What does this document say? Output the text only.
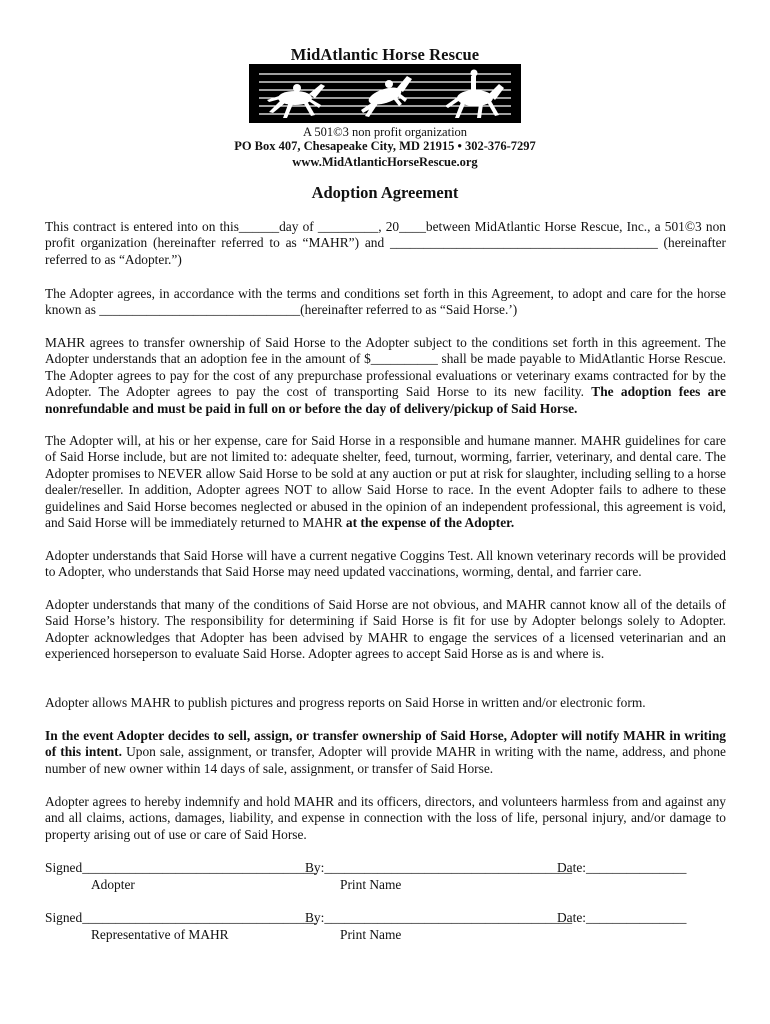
MidAtlantic Horse Rescue
A 501©3 non profit organization
PO Box 407, Chesapeake City, MD 21915 • 302-376-7297
www.MidAtlanticHorseRescue.org
Adoption Agreement

This contract is entered into on this______day of _________, 20____between MidAtlantic Horse Rescue, Inc., a 501©3 non profit organization (hereinafter referred to as “MAHR”) and ________________________________________ (hereinafter referred to as “Adopter.”)

The Adopter agrees, in accordance with the terms and conditions set forth in this Agreement, to adopt and care for the horse known as ______________________________(hereinafter referred to as “Said Horse.’)

MAHR agrees to transfer ownership of Said Horse to the Adopter subject to the conditions set forth in this agreement. The Adopter understands that an adoption fee in the amount of $__________ shall be made payable to MidAtlantic Horse Rescue. The Adopter agrees to pay for the cost of any prepurchase professional evaluations or veterinary exams contracted for by the Adopter. The Adopter agrees to pay the cost of transporting Said Horse to its new facility. The adoption fees are nonrefundable and must be paid in full on or before the day of delivery/pickup of Said Horse.

The Adopter will, at his or her expense, care for Said Horse in a responsible and humane manner. MAHR guidelines for care of Said Horse include, but are not limited to: adequate shelter, feed, turnout, worming, farrier, veterinary, and dental care. The Adopter promises to NEVER allow Said Horse to be sold at any auction or put at risk for slaughter, including selling to a horse dealer/reseller. In addition, Adopter agrees NOT to allow Said Horse to race. In the event Adopter fails to adhere to these guidelines and Said Horse becomes neglected or abused in the opinion of an independent professional, this agreement is void, and Said Horse will be immediately returned to MAHR at the expense of the Adopter.

Adopter understands that Said Horse will have a current negative Coggins Test. All known veterinary records will be provided to Adopter, who understands that Said Horse may need updated vaccinations, worming, dental, and farrier care.

Adopter understands that many of the conditions of Said Horse are not obvious, and MAHR cannot know all of the details of Said Horse’s history. The responsibility for determining if Said Horse is fit for use by Adopter belongs solely to Adopter. Adopter acknowledges that Adopter has been advised by MAHR to engage the services of a licensed veterinarian and an experienced horseperson to evaluate Said Horse. Adopter agrees to accept Said Horse as is and where is.

Adopter allows MAHR to publish pictures and progress reports on Said Horse in written and/or electronic form.

In the event Adopter decides to sell, assign, or transfer ownership of Said Horse, Adopter will notify MAHR in writing of this intent. Upon sale, assignment, or transfer, Adopter will provide MAHR in writing with the name, address, and phone number of new owner within 14 days of sale, assignment, or transfer of Said Horse.

Adopter agrees to hereby indemnify and hold MAHR and its officers, directors, and volunteers harmless from and against any and all claims, actions, damages, liability, and expense in connection with the loss of life, personal injury, and/or damage to property arising out of use or care of Said Horse.

Signed___________________________________
By:_____________________________________
Date:_______________
Adopter	Print Name
Signed___________________________________
By:_____________________________________
Date:_______________
Representative of MAHR	Print Name
